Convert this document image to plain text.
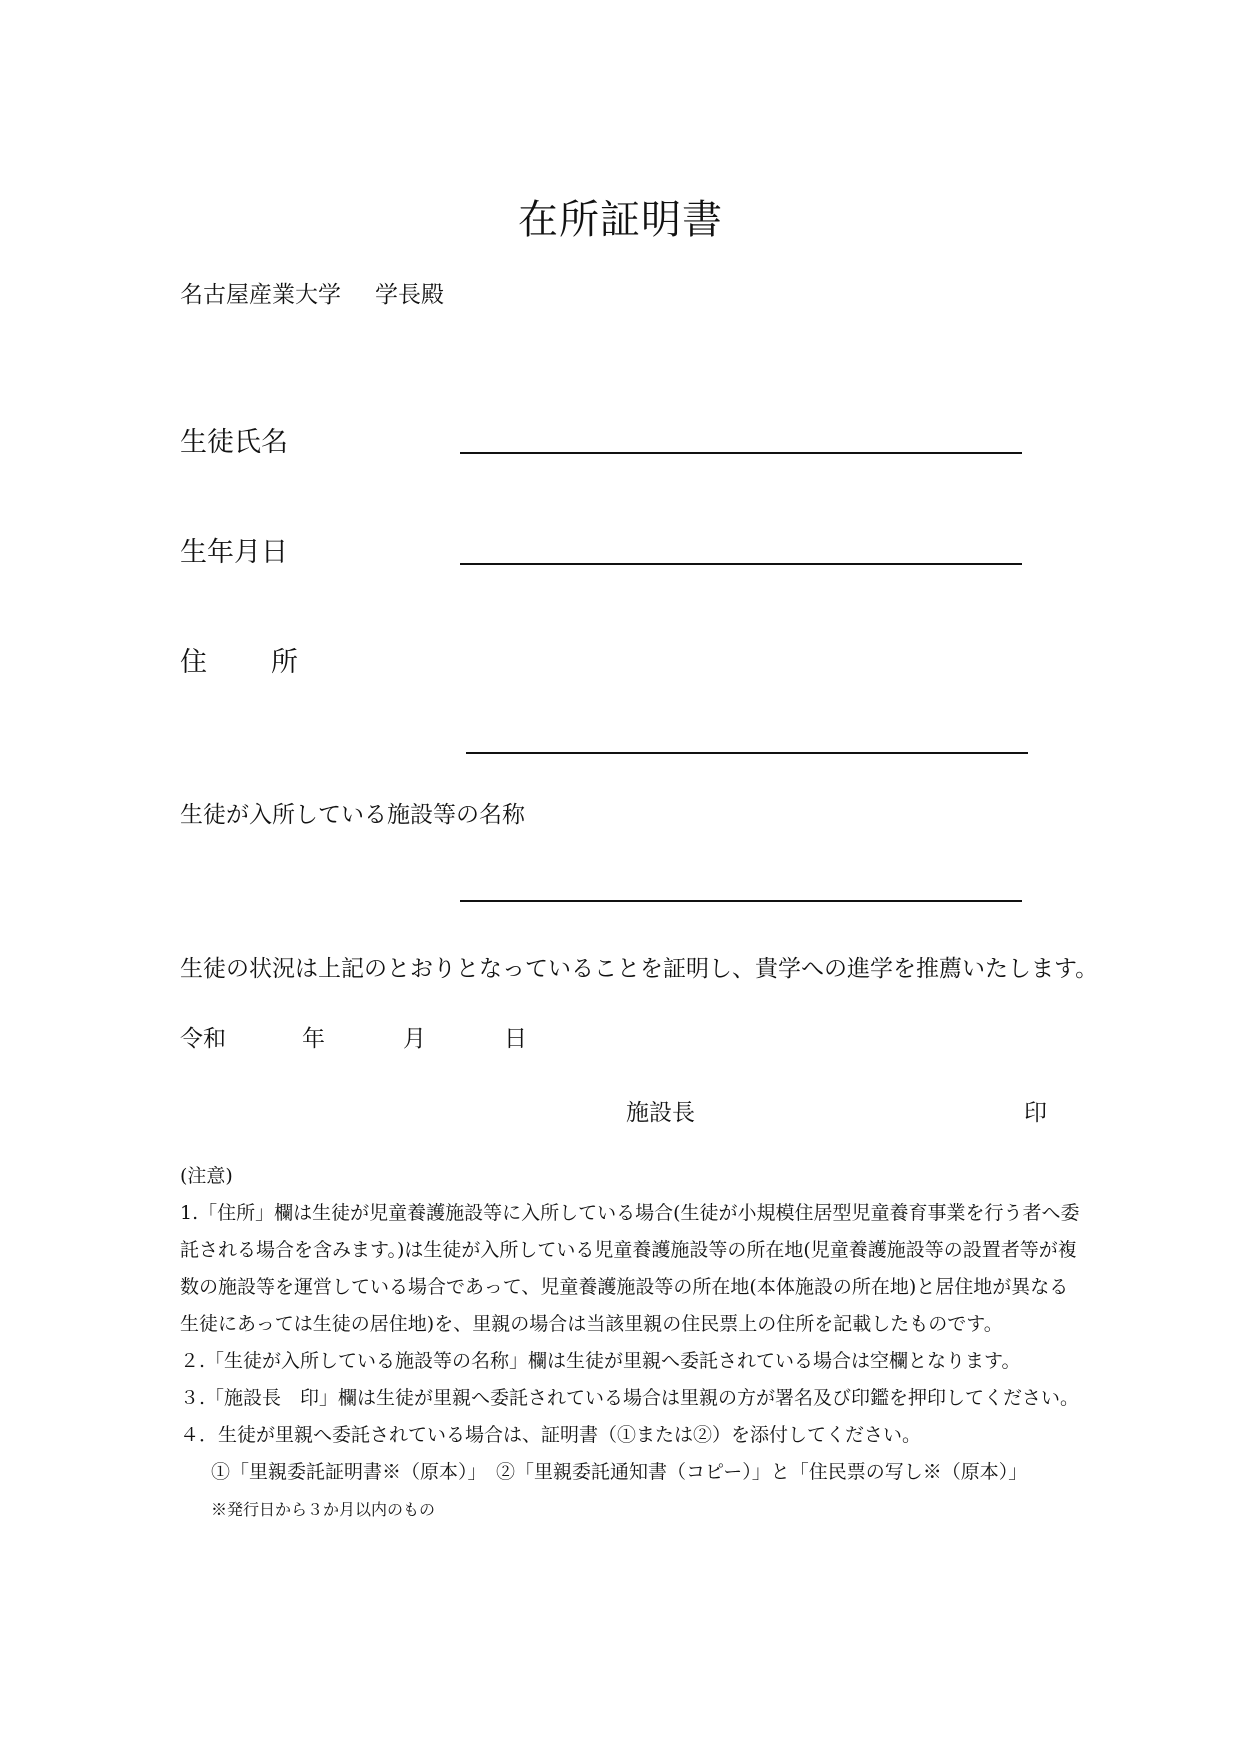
在所証明書
名古屋産業大学 学長殿
生徒氏名
生年月日
住 所
生徒が入所している施設等の名称
生徒の状況は上記のとおりとなっていることを証明し、貴学への進学を推薦いたします。
令和	年	月	日
施設長	印

(注意)

1.「住所」欄は生徒が児童養護施設等に入所している場合(生徒が小規模住居型児童養育事業を行う者へ委託される場合を含みます。)は生徒が入所している児童養護施設等の所在地(児童養護施設等の設置者等が複数の施設等を運営している場合であって、児童養護施設等の所在地(本体施設の所在地)と居住地が異なる生徒にあっては生徒の居住地)を、里親の場合は当該里親の住民票上の住所を記載したものです。

２.「生徒が入所している施設等の名称」欄は生徒が里親へ委託されている場合は空欄となります。

３.「施設長　印」欄は生徒が里親へ委託されている場合は里親の方が署名及び印鑑を押印してください。

４．生徒が里親へ委託されている場合は、証明書（①または②）を添付してください。

①「里親委託証明書※（原本）」　②「里親委託通知書（コピー）」と「住民票の写し※（原本）」

※発行日から３か月以内のもの
